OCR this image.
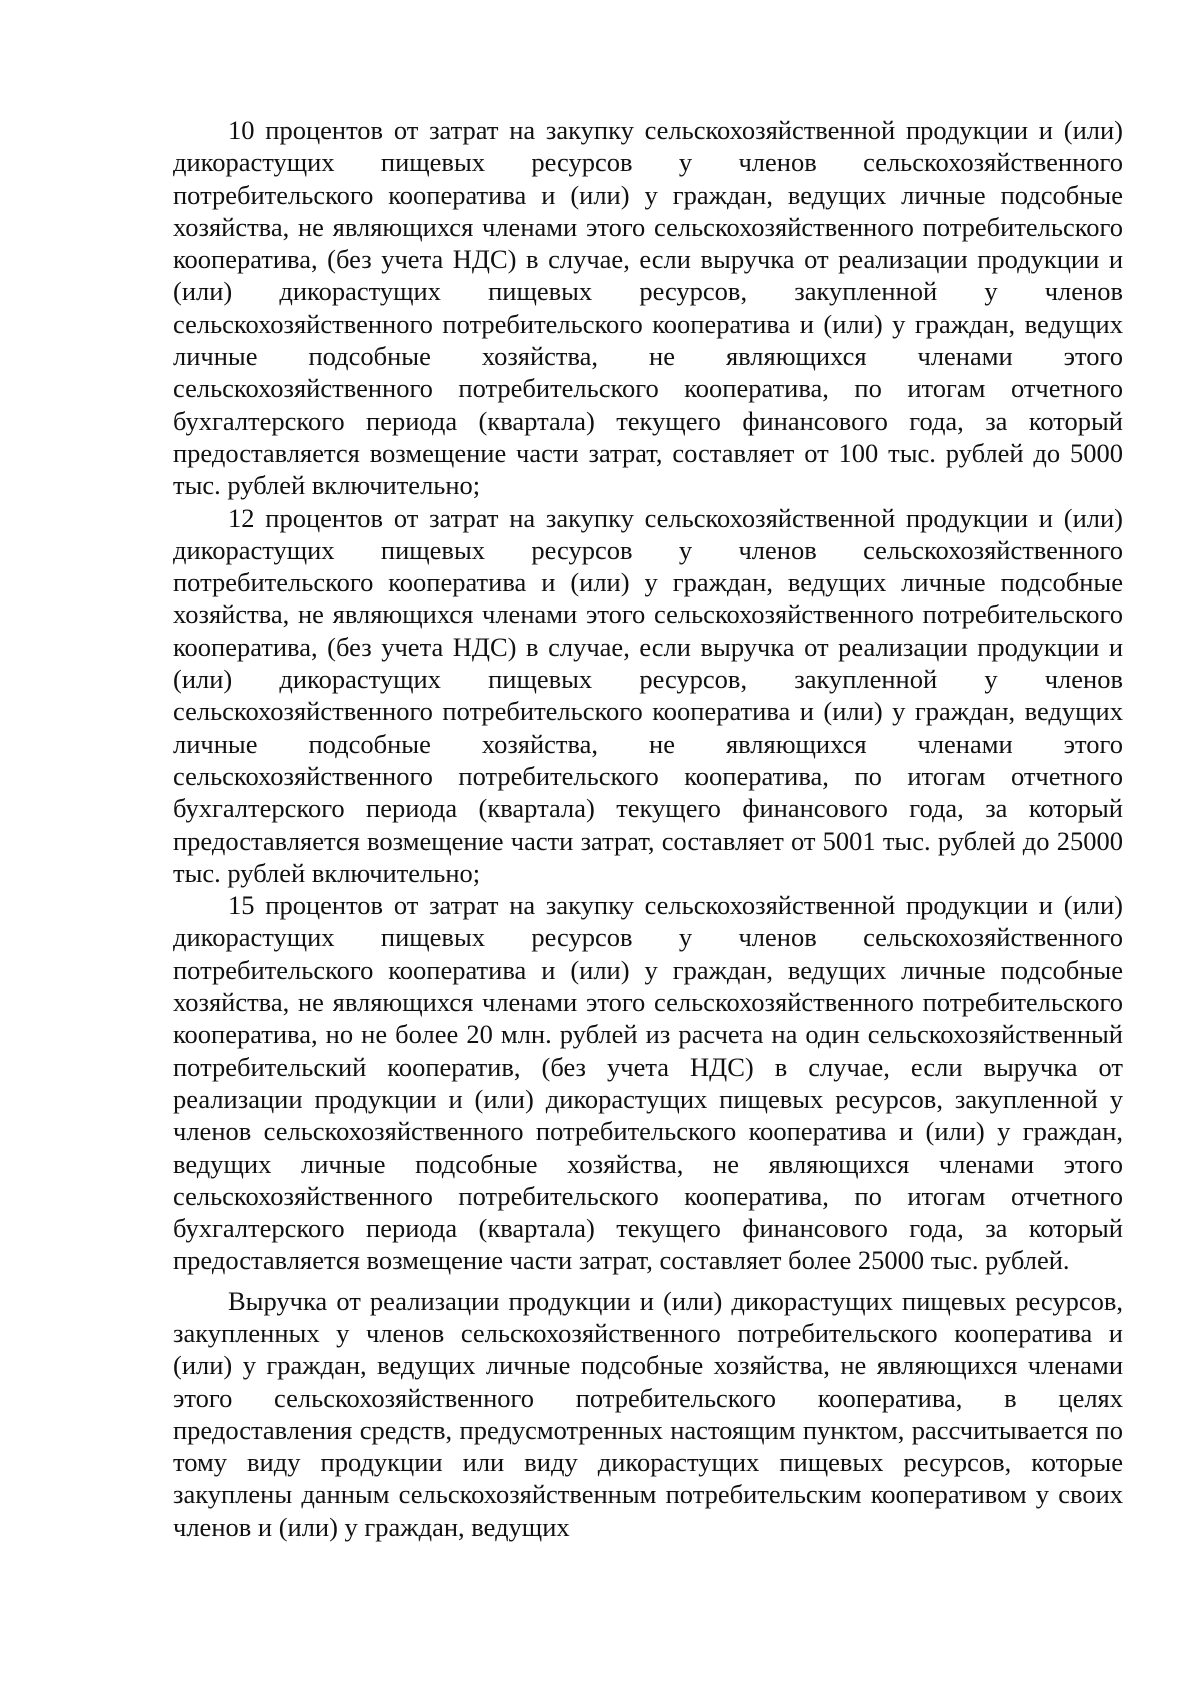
10 процентов от затрат на закупку сельскохозяйственной продукции и (или) дикорастущих пищевых ресурсов у членов сельскохозяйственного потребительского кооператива и (или) у граждан, ведущих личные подсобные хозяйства, не являющихся членами этого сельскохозяйственного потребительского кооператива, (без учета НДС) в случае, если выручка от реализации продукции и (или) дикорастущих пищевых ресурсов, закупленной у членов сельскохозяйственного потребительского кооператива и (или) у граждан, ведущих личные подсобные хозяйства, не являющихся членами этого сельскохозяйственного потребительского кооператива, по итогам отчетного бухгалтерского периода (квартала) текущего финансового года, за который предоставляется возмещение части затрат, составляет от 100 тыс. рублей до 5000 тыс. рублей включительно;

12 процентов от затрат на закупку сельскохозяйственной продукции и (или) дикорастущих пищевых ресурсов у членов сельскохозяйственного потребительского кооператива и (или) у граждан, ведущих личные подсобные хозяйства, не являющихся членами этого сельскохозяйственного потребительского кооператива, (без учета НДС) в случае, если выручка от реализации продукции и (или) дикорастущих пищевых ресурсов, закупленной у членов сельскохозяйственного потребительского кооператива и (или) у граждан, ведущих личные подсобные хозяйства, не являющихся членами этого сельскохозяйственного потребительского кооператива, по итогам отчетного бухгалтерского периода (квартала) текущего финансового года, за который предоставляется возмещение части затрат, составляет от 5001 тыс. рублей до 25000 тыс. рублей включительно;

15 процентов от затрат на закупку сельскохозяйственной продукции и (или) дикорастущих пищевых ресурсов у членов сельскохозяйственного потребительского кооператива и (или) у граждан, ведущих личные подсобные хозяйства, не являющихся членами этого сельскохозяйственного потребительского кооператива, но не более 20 млн. рублей из расчета на один сельскохозяйственный потребительский кооператив, (без учета НДС) в случае, если выручка от реализации продукции и (или) дикорастущих пищевых ресурсов, закупленной у членов сельскохозяйственного потребительского кооператива и (или) у граждан, ведущих личные подсобные хозяйства, не являющихся членами этого сельскохозяйственного потребительского кооператива, по итогам отчетного бухгалтерского периода (квартала) текущего финансового года, за который предоставляется возмещение части затрат, составляет более 25000 тыс. рублей.

Выручка от реализации продукции и (или) дикорастущих пищевых ресурсов, закупленных у членов сельскохозяйственного потребительского кооператива и (или) у граждан, ведущих личные подсобные хозяйства, не являющихся членами этого сельскохозяйственного потребительского кооператива, в целях предоставления средств, предусмотренных настоящим пунктом, рассчитывается по тому виду продукции или виду дикорастущих пищевых ресурсов, которые закуплены данным сельскохозяйственным потребительским кооперативом у своих членов и (или) у граждан, ведущих
